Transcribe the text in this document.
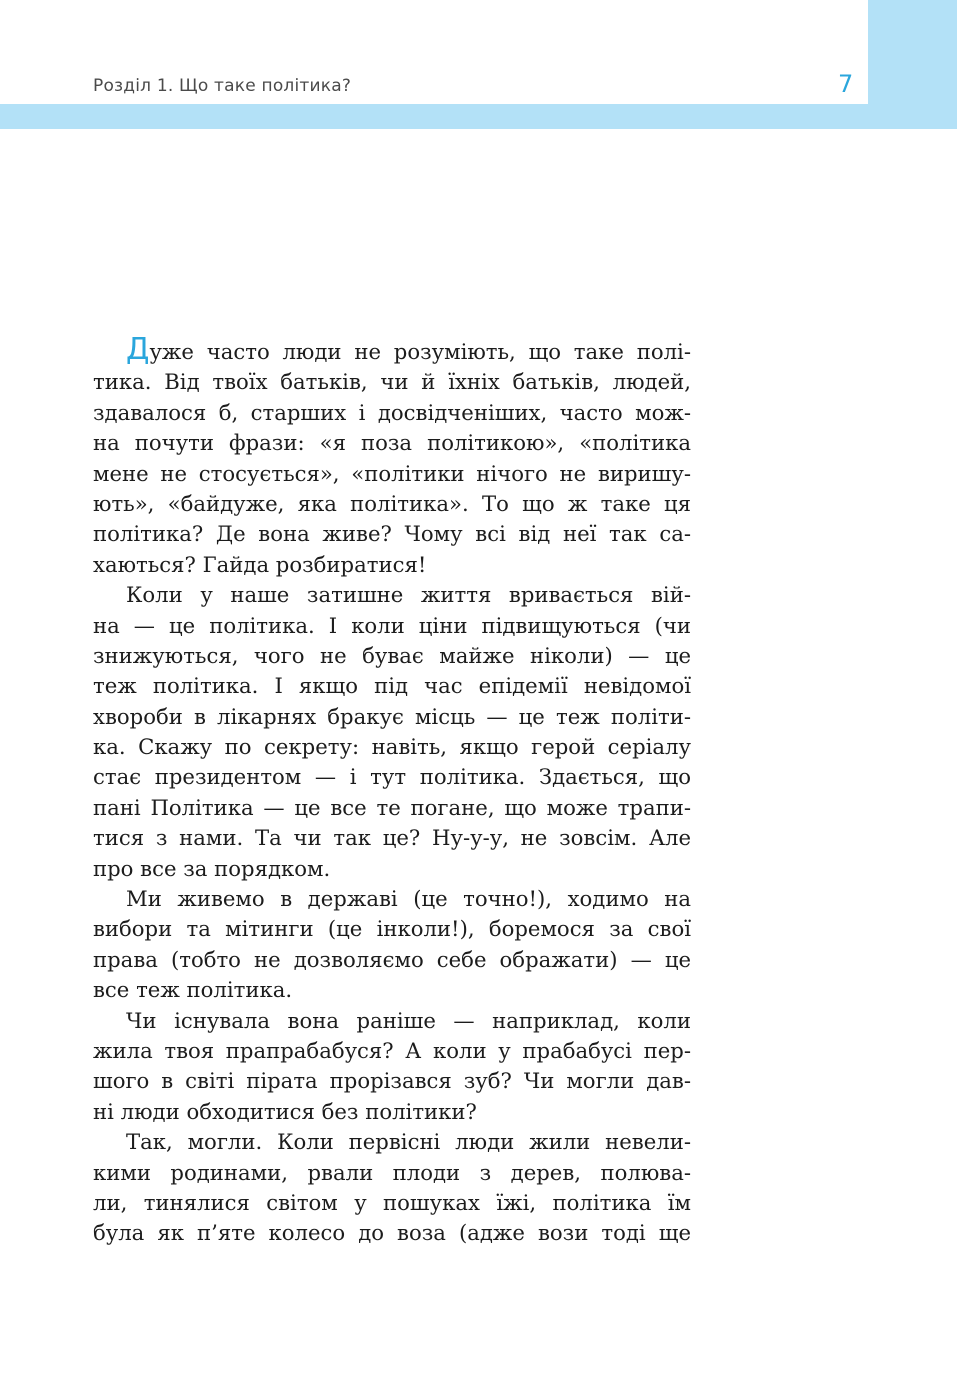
Розділ 1. Що таке політика?	7
Дуже часто люди не розуміють, що таке полі-
тика. Від твоїх батьків, чи й їхніх батьків, людей,
здавалося б, старших і досвідченіших, часто мож-
на почути фрази: «я поза політикою», «політика
мене не стосується», «політики нічого не виришу-
ють», «байдуже, яка політика». То що ж таке ця
політика? Де вона живе? Чому всі від неї так са-
хаються? Гайда розбиратися!
Коли у наше затишне життя вривається вій-
на — це політика. І коли ціни підвищуються (чи
знижуються, чого не буває майже ніколи) — це
теж політика. І якщо під час епідемії невідомої
хвороби в лікарнях бракує місць — це теж політи-
ка. Скажу по секрету: навіть, якщо герой серіалу
стає президентом — і тут політика. Здається, що
пані Політика — це все те погане, що може трапи-
тися з нами. Та чи так це? Ну-у-у, не зовсім. Але
про все за порядком.
Ми живемо в державі (це точно!), ходимо на
вибори та мітинги (це інколи!), боремося за свої
права (тобто не дозволяємо себе ображати) — це
все теж політика.
Чи існувала вона раніше — наприклад, коли
жила твоя прапрабабуся? А коли у прабабусі пер-
шого в світі пірата прорізався зуб? Чи могли дав-
ні люди обходитися без політики?
Так, могли. Коли первісні люди жили невели-
кими родинами, рвали плоди з дерев, полюва-
ли, тинялися світом у пошуках їжі, політика їм
була як п’яте колесо до воза (адже вози тоді ще
